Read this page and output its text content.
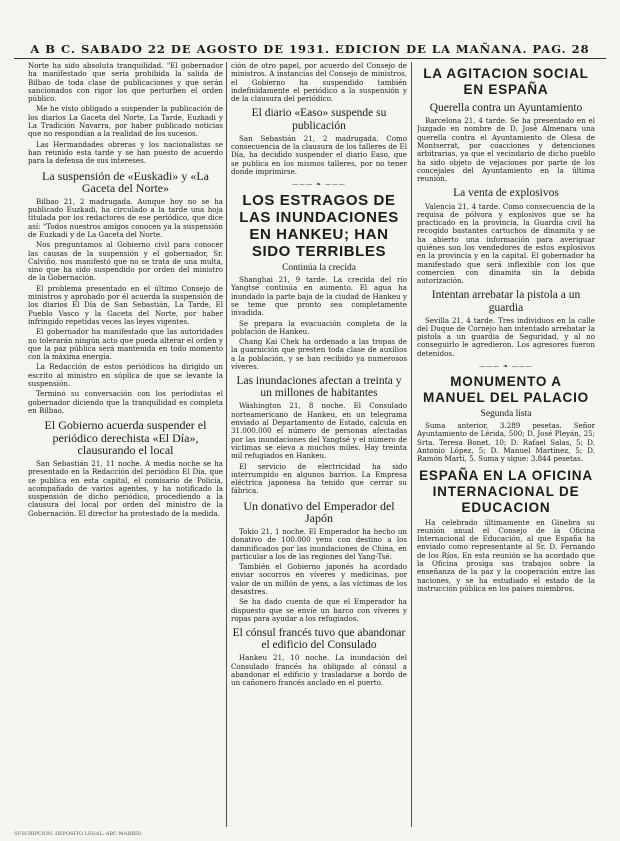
A B C. SABADO 22 DE AGOSTO DE 1931. EDICION DE LA MAÑANA. PAG. 28

Norte ha sido absoluta tranquilidad. "El gobernador ha manifestado que sería prohibida la salida de Bilbao de toda clase de publicaciones y que serán sancionados con rigor los que perturben el orden público.

Me he visto obligado a suspender la publicación de los diarios La Gaceta del Norte, La Tarde, Euzkadi y La Tradición Navarra, por haber publicado noticias que no respondían a la realidad de los sucesos.

Las Hermandades obreras y los nacionalistas se han reunido esta tarde y se han puesto de acuerdo para la defensa de sus intereses.

La suspensión de «Euskadi» y «La Gaceta del Norte»

Bilbao 21, 2 madrugada. Aunque hoy no se ha publicado Euzkadi, ha circulado a la tarde una hoja titulada por los redactores de ese periódico, que dice así: "Todos nuestros amigos conocen ya la suspensión de Euzkadi y de La Gaceta del Norte.

Nos preguntamos al Gobierno civil para conocer las causas de la suspensión y el gobernador, Sr. Calviño, nos manifestó que no se trata de una multa, sino que ha sido suspendido por orden del ministro de la Gobernación.

El problema presentado en el último Consejo de ministros y aprobado por él acuerda la suspensión de los diarios El Día de San Sebastián, La Tarde, El Pueblo Vasco y la Gaceta del Norte, por haber infringido repetidas veces las leyes vigentes.

El gobernador ha manifestado que las autoridades no tolerarán ningún acto que pueda alterar el orden y que la paz pública será mantenida en todo momento con la máxima energía.

La Redacción de estos periódicos ha dirigido un escrito al ministro en súplica de que se levante la suspensión.

Terminó su conversación con los periodistas el gobernador diciendo que la tranquilidad es completa en Bilbao.

El Gobierno acuerda suspender el periódico derechista «El Día», clausurando el local

San Sebastián 21, 11 noche. A media noche se ha presentado en la Redacción del periódico El Día, que se publica en esta capital, el comisario de Policía, acompañado de varios agentes, y ha notificado la suspensión de dicho periódico, procediendo a la clausura del local por orden del ministro de la Gobernación. El director ha protestado de la medida.

ción de otro papel, por acuerdo del Consejo de ministros. A instancias del Consejo de ministros, el Gobierno ha suspendido también indefinidamente el periódico a la suspensión y de la clausura del periódico.

El diario «Easo» suspende su publicación

San Sebastián 21, 2 madrugada. Como consecuencia de la clausura de los talleres de El Día, ha decidido suspender el diario Easo, que se publica en los mismos talleres, por no tener donde imprimirse.

——— ❧ ———
LOS ESTRAGOS DE LAS INUNDACIONES EN HANKEU; HAN SIDO TERRIBLES
Continúa la crecida

Shanghai 21, 9 tarde. La crecida del río Yangtsé continúa en aumento. El agua ha inundado la parte baja de la ciudad de Hankeu y se teme que pronto sea completamente invadida.

Se prepara la evacuación completa de la población de Hankeu.

Chang Kai Chek ha ordenado a las tropas de la guarnición que presten toda clase de auxilios a la población, y se han recibido ya numerosos víveres.

Las inundaciones afectan a treinta y un millones de habitantes

Wáshington 21, 8 noche. El Consulado norteamericano de Hankeu, en un telegrama enviado al Departamento de Estado, calcula en 31.000.000 el número de personas afectadas por las inundaciones del Yangtsé y el número de víctimas se eleva a muchos miles. Hay treinta mil refugiados en Hankeu.

El servicio de electricidad ha sido interrumpido en algunos barrios. La Empresa eléctrica japonesa ha tenido que cerrar su fábrica.

Un donativo del Emperador del Japón

Tokio 21, 1 noche. El Emperador ha hecho un donativo de 100.000 yens con destino a los damnificados por las inundaciones de China, en particular a los de las regiones del Yang-Tsé.

También el Gobierno japonés ha acordado enviar socorros en víveres y medicinas, por valor de un millón de yens, a las víctimas de los desastres.

Se ha dado cuenta de que el Emperador ha dispuesto que se envíe un barco con víveres y ropas para ayudar a los refugiados.

El cónsul francés tuvo que abandonar el edificio del Consulado

Hankeu 21, 10 noche. La inundación del Consulado francés ha obligado al cónsul a abandonar el edificio y trasladarse a bordo de un cañonero francés anclado en el puerto.

LA AGITACION SOCIAL EN ESPAÑA
Querella contra un Ayuntamiento

Barcelona 21, 4 tarde. Se ha presentado en el Juzgado en nombre de D. José Almenara una querella contra el Ayuntamiento de Olesa de Montserrat, por coacciones y detenciones arbitrarias, ya que el vecindario de dicho pueblo ha sido objeto de vejaciones por parte de los concejales del Ayuntamiento en la última reunión.

La venta de explosivos

Valencia 21, 4 tarde. Como consecuencia de la requisa de pólvora y explosivos que se ha practicado en la provincia, la Guardia civil ha recogido bastantes cartuchos de dinamita y se ha abierto una información para averiguar quiénes son los vendedores de estos explosivos en la provincia y en la capital. El gobernador ha manifestado que será inflexible con los que comercien con dinamita sin la debida autorización.

Intentan arrebatar la pistola a un guardia

Sevilla 21, 4 tarde. Tres individuos en la calle del Duque de Cornejo han intentado arrebatar la pistola a un guardia de Seguridad, y al no conseguirlo le agredieron. Los agresores fueron detenidos.

——— ❧ ———
MONUMENTO A MANUEL DEL PALACIO
Segunda lista

Suma anterior, 3.289 pesetas. Señor Ayuntamiento de Lérida, 500; D. José Pleyán, 25; Srta. Teresa Bonet, 10; D. Rafael Salas, 5; D. Antonio López, 5; D. Manuel Martínez, 5; D. Ramón Martí, 5. Suma y sigue: 3.844 pesetas.

ESPAÑA EN LA OFICINA INTERNACIONAL DE EDUCACION

Ha celebrado últimamente en Ginebra su reunión anual el Consejo de la Oficina Internacional de Educación, al que España ha enviado como representante al Sr. D. Fernando de los Ríos. En esta reunión se ha acordado que la Oficina prosiga sus trabajos sobre la enseñanza de la paz y la cooperación entre las naciones, y se ha estudiado el estado de la instrucción pública en los países miembros.

SUSCRIPCION. DEPOSITO LEGAL. ABC MADRID
